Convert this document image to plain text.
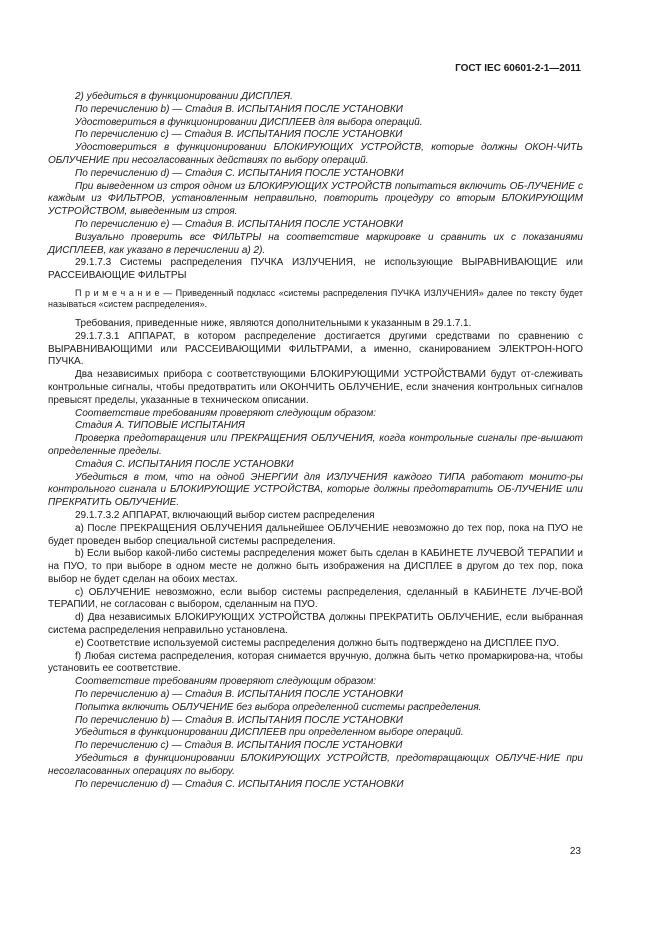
ГОСТ IEC 60601-2-1—2011
2) убедиться в функционировании ДИСПЛЕЯ.
По перечислению b) — Стадия В. ИСПЫТАНИЯ ПОСЛЕ УСТАНОВКИ
Удостовериться в функционировании ДИСПЛЕЕВ для выбора операций.
По перечислению с) — Стадия В. ИСПЫТАНИЯ ПОСЛЕ УСТАНОВКИ
Удостовериться в функционировании БЛОКИРУЮЩИХ УСТРОЙСТВ, которые должны ОКОН-ЧИТЬ ОБЛУЧЕНИЕ при несогласованных действиях по выбору операций.
По перечислению d) — Стадия С. ИСПЫТАНИЯ ПОСЛЕ УСТАНОВКИ
При выведенном из строя одном из БЛОКИРУЮЩИХ УСТРОЙСТВ попытаться включить ОБ-ЛУЧЕНИЕ с каждым из ФИЛЬТРОВ, установленным неправильно, повторить процедуру со вторым БЛОКИРУЮЩИМ УСТРОЙСТВОМ, выведенным из строя.
По перечислению е) — Стадия В. ИСПЫТАНИЯ ПОСЛЕ УСТАНОВКИ
Визуально проверить все ФИЛЬТРЫ на соответствие маркировке и сравнить их с показаниями ДИСПЛЕЕВ, как указано в перечислении а) 2).
29.1.7.3 Системы распределения ПУЧКА ИЗЛУЧЕНИЯ, не использующие ВЫРАВНИВАЮЩИЕ или РАССЕИВАЮЩИЕ ФИЛЬТРЫ
П р и м е ч а н и е — Приведенный подкласс «системы распределения ПУЧКА ИЗЛУЧЕНИЯ» далее по тексту будет называться «систем распределения».
Требования, приведенные ниже, являются дополнительными к указанным в 29.1.7.1.
29.1.7.3.1 АППАРАТ, в котором распределение достигается другими средствами по сравнению с ВЫРАВНИВАЮЩИМИ или РАССЕИВАЮЩИМИ ФИЛЬТРАМИ, а именно, сканированием ЭЛЕКТРОН-НОГО ПУЧКА.
Два независимых прибора с соответствующими БЛОКИРУЮЩИМИ УСТРОЙСТВАМИ будут от-слеживать контрольные сигналы, чтобы предотвратить или ОКОНЧИТЬ ОБЛУЧЕНИЕ, если значения контрольных сигналов превысят пределы, указанные в техническом описании.
Соответствие требованиям проверяют следующим образом:
Стадия А. ТИПОВЫЕ ИСПЫТАНИЯ
Проверка предотвращения или ПРЕКРАЩЕНИЯ ОБЛУЧЕНИЯ, когда контрольные сигналы пре-вышают определенные пределы.
Стадия С. ИСПЫТАНИЯ ПОСЛЕ УСТАНОВКИ
Убедиться в том, что на одной ЭНЕРГИИ для ИЗЛУЧЕНИЯ каждого ТИПА работают монито-ры контрольного сигнала и БЛОКИРУЮЩИЕ УСТРОЙСТВА, которые должны предотвратить ОБ-ЛУЧЕНИЕ или ПРЕКРАТИТЬ ОБЛУЧЕНИЕ.
29.1.7.3.2 АППАРАТ, включающий выбор систем распределения
а) После ПРЕКРАЩЕНИЯ ОБЛУЧЕНИЯ дальнейшее ОБЛУЧЕНИЕ невозможно до тех пор, пока на ПУО не будет проведен выбор специальной системы распределения.
b) Если выбор какой-либо системы распределения может быть сделан в КАБИНЕТЕ ЛУЧЕВОЙ ТЕРАПИИ и на ПУО, то при выборе в одном месте не должно быть изображения на ДИСПЛЕЕ в другом до тех пор, пока выбор не будет сделан на обоих местах.
с) ОБЛУЧЕНИЕ невозможно, если выбор системы распределения, сделанный в КАБИНЕТЕ ЛУЧЕ-ВОЙ ТЕРАПИИ, не согласован с выбором, сделанным на ПУО.
d) Два независимых БЛОКИРУЮЩИХ УСТРОЙСТВА должны ПРЕКРАТИТЬ ОБЛУЧЕНИЕ, если выбранная система распределения неправильно установлена.
е) Соответствие используемой системы распределения должно быть подтверждено на ДИСПЛЕЕ ПУО.
f) Любая система распределения, которая снимается вручную, должна быть четко промаркирова-на, чтобы установить ее соответствие.
Соответствие требованиям проверяют следующим образом:
По перечислению а) — Стадия В. ИСПЫТАНИЯ ПОСЛЕ УСТАНОВКИ
Попытка включить ОБЛУЧЕНИЕ без выбора определенной системы распределения.
По перечислению b) — Стадия В. ИСПЫТАНИЯ ПОСЛЕ УСТАНОВКИ
Убедиться в функционировании ДИСПЛЕЕВ при определенном выборе операций.
По перечислению с) — Стадия В. ИСПЫТАНИЯ ПОСЛЕ УСТАНОВКИ
Убедиться в функционировании БЛОКИРУЮЩИХ УСТРОЙСТВ, предотвращающих ОБЛУЧЕ-НИЕ при несогласованных операциях по выбору.
По перечислению d) — Стадия С. ИСПЫТАНИЯ ПОСЛЕ УСТАНОВКИ
23
